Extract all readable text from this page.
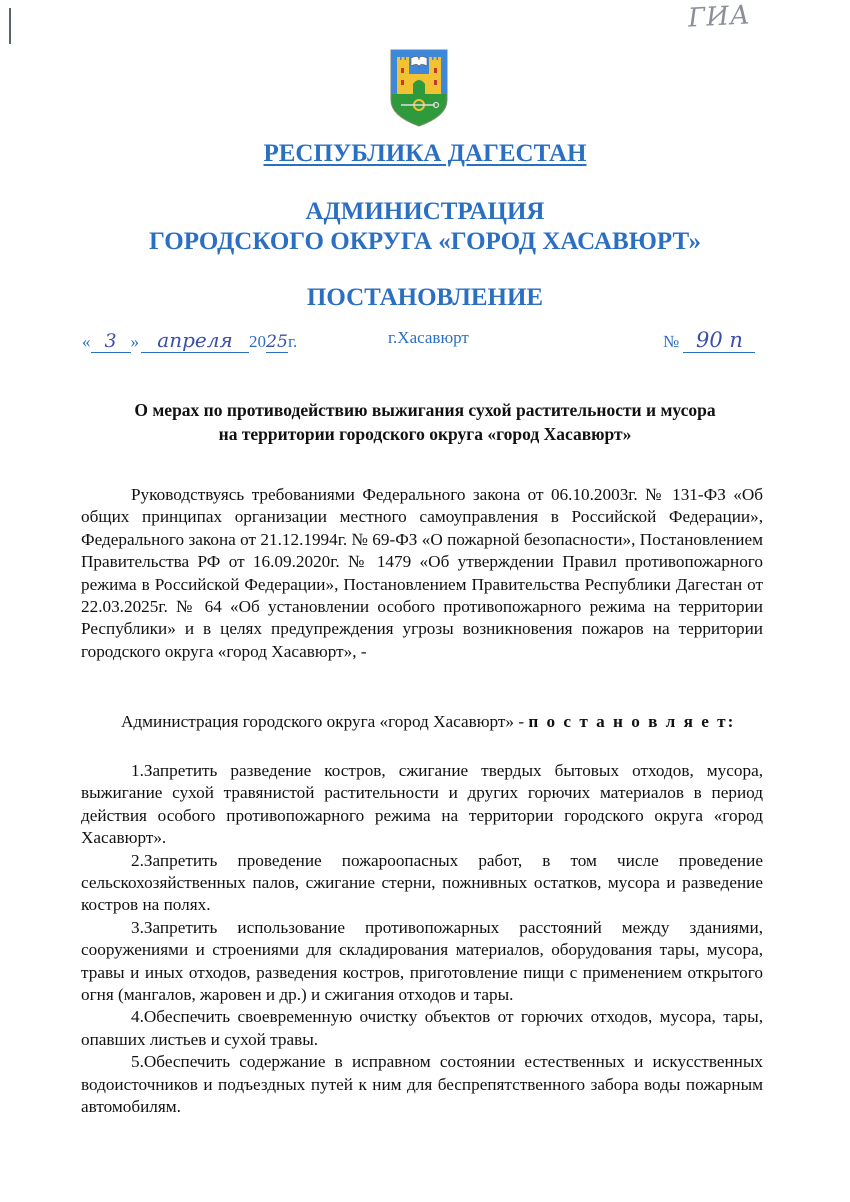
ГИА
РЕСПУБЛИКА ДАГЕСТАН
АДМИНИСТРАЦИЯ
ГОРОДСКОГО ОКРУГА «ГОРОД ХАСАВЮРТ»
ПОСТАНОВЛЕНИЕ
« 3 » апреля 2025г.	г.Хасавюрт	№ 90 п
О мерах по противодействию выжигания сухой растительности и мусора
на территории городского округа «город Хасавюрт»

Руководствуясь требованиями Федерального закона от 06.10.2003г. № 131-ФЗ «Об общих принципах организации местного самоуправления в Российской Федерации», Федерального закона от 21.12.1994г. № 69-ФЗ «О пожарной безопасности», Постановлением Правительства РФ от 16.09.2020г. № 1479 «Об утверждении Правил противопожарного режима в Российской Федерации», Постановлением Правительства Республики Дагестан от 22.03.2025г. № 64 «Об установлении особого противопожарного режима на территории Республики» и в целях предупреждения угрозы возникновения пожаров на территории городского округа «город Хасавюрт», -

Администрация городского округа «город Хасавюрт» - п о с т а н о в л я е т:

1.Запретить разведение костров, сжигание твердых бытовых отходов, мусора, выжигание сухой травянистой растительности и других горючих материалов в период действия особого противопожарного режима на территории городского округа «город Хасавюрт».

2.Запретить проведение пожароопасных работ, в том числе проведение сельскохозяйственных палов, сжигание стерни, пожнивных остатков, мусора и разведение костров на полях.

3.Запретить использование противопожарных расстояний между зданиями, сооружениями и строениями для складирования материалов, оборудования тары, мусора, травы и иных отходов, разведения костров, приготовление пищи с применением открытого огня (мангалов, жаровен и др.) и сжигания отходов и тары.

4.Обеспечить своевременную очистку объектов от горючих отходов, мусора, тары, опавших листьев и сухой травы.

5.Обеспечить содержание в исправном состоянии естественных и искусственных водоисточников и подъездных путей к ним для беспрепятственного забора воды пожарным автомобилям.
